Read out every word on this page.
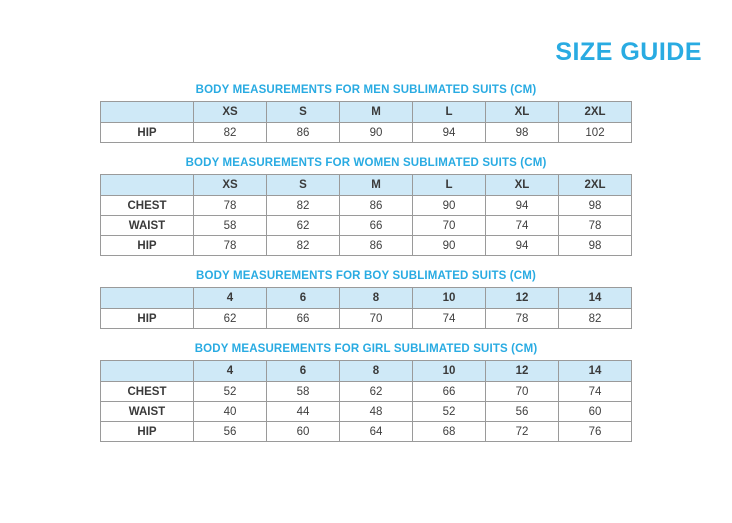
SIZE GUIDE
BODY MEASUREMENTS FOR MEN SUBLIMATED SUITS (CM)
	XS	S	M	L	XL	2XL
HIP	82	86	90	94	98	102
BODY MEASUREMENTS FOR WOMEN SUBLIMATED SUITS (CM)
	XS	S	M	L	XL	2XL
CHEST	78	82	86	90	94	98
WAIST	58	62	66	70	74	78
HIP	78	82	86	90	94	98
BODY MEASUREMENTS FOR BOY SUBLIMATED SUITS (CM)
	4	6	8	10	12	14
HIP	62	66	70	74	78	82
BODY MEASUREMENTS FOR GIRL SUBLIMATED SUITS (CM)
	4	6	8	10	12	14
CHEST	52	58	62	66	70	74
WAIST	40	44	48	52	56	60
HIP	56	60	64	68	72	76
